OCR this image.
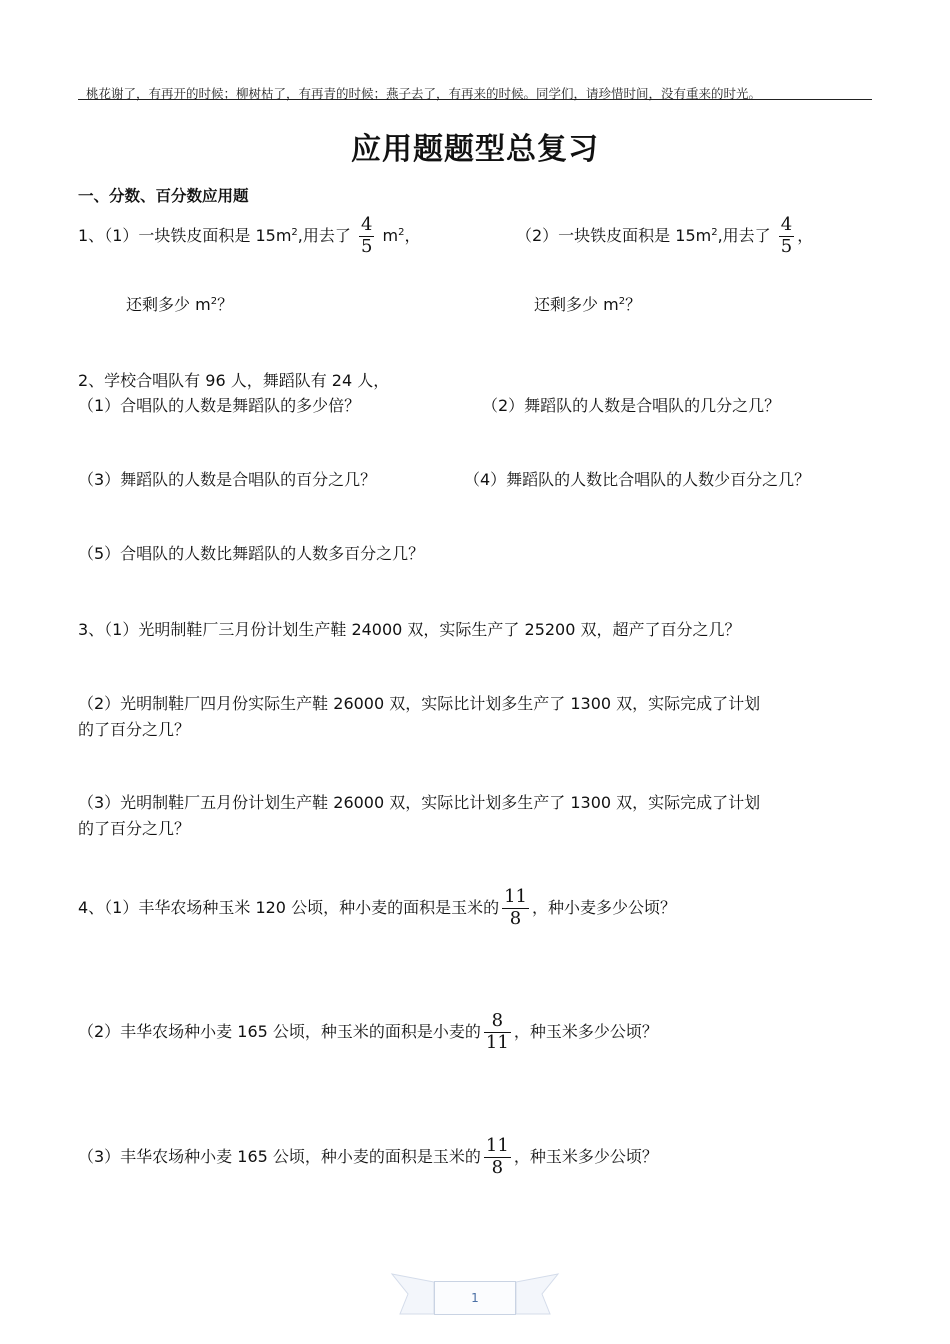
桃花谢了，有再开的时候；柳树枯了，有再青的时候；燕子去了，有再来的时候。同学们，请珍惜时间，没有重来的时光。
应用题题型总复习
一、分数、百分数应用题
1、（1）一块铁皮面积是 $15m^2$,用去了 $\frac{4}{5} m^2$，
还剩多少 $m^2$？
（2）一块铁皮面积是 $15m^2$,用去了 $\frac{4}{5}$ ，
还剩多少 $m^2$？
2、学校合唱队有 96 人，舞蹈队有 24 人，
（1）合唱队的人数是舞蹈队的多少倍？	（2）舞蹈队的人数是合唱队的几分之几？
（3）舞蹈队的人数是合唱队的百分之几？	（4）舞蹈队的人数比合唱队的人数少百分之几？
（5）合唱队的人数比舞蹈队的人数多百分之几？
3、（1）光明制鞋厂三月份计划生产鞋 24000 双，实际生产了 25200 双，超产了百分之几？
（2）光明制鞋厂四月份实际生产鞋 26000 双，实际比计划多生产了 1300 双，实际完成了计划
的了百分之几？
（3）光明制鞋厂五月份计划生产鞋 26000 双，实际比计划多生产了 1300 双，实际完成了计划
的了百分之几？
4、（1）丰华农场种玉米 120 公顷，种小麦的面积是玉米的 $\frac{11}{8}$ ，种小麦多少公顷？
（2）丰华农场种小麦 165 公顷，种玉米的面积是小麦的 $\frac{8}{11}$ ，种玉米多少公顷？
（3）丰华农场种小麦 165 公顷，种小麦的面积是玉米的 $\frac{11}{8}$ ，种玉米多少公顷？
1
